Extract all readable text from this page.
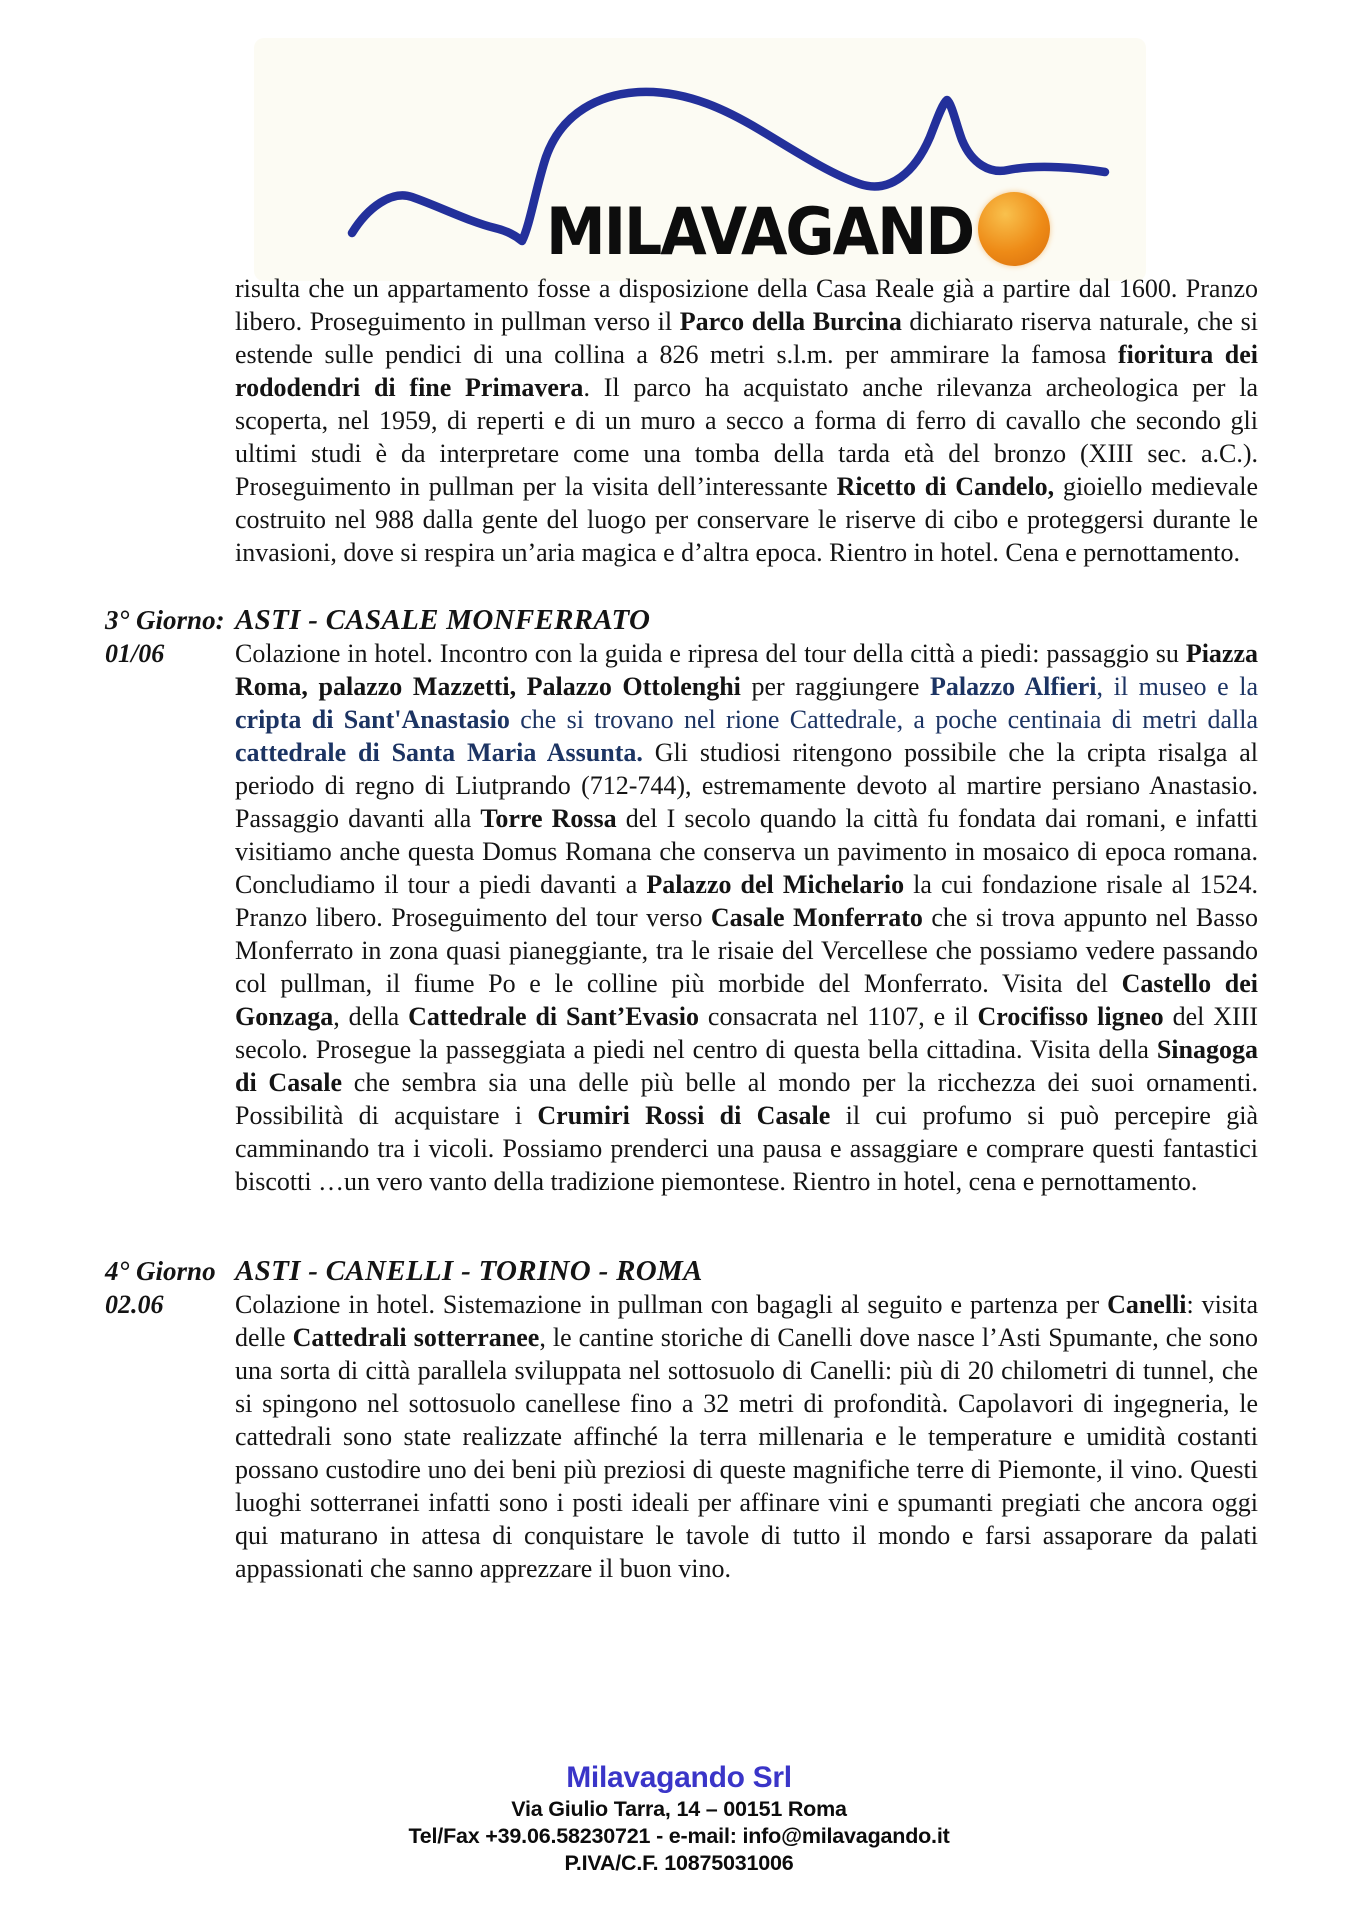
MILAVAGAND

risulta che un appartamento fosse a disposizione della Casa Reale già a partire dal 1600. Pranzo libero. Proseguimento in pullman verso il Parco della Burcina dichiarato riserva naturale, che si estende sulle pendici di una collina a 826 metri s.l.m. per ammirare la famosa fioritura dei rododendri di fine Primavera. Il parco ha acquistato anche rilevanza archeologica per la scoperta, nel 1959, di reperti e di un muro a secco a forma di ferro di cavallo che secondo gli ultimi studi è da interpretare come una tomba della tarda età del bronzo (XIII sec. a.C.). Proseguimento in pullman per la visita dell’interessante Ricetto di Candelo, gioiello medievale costruito nel 988 dalla gente del luogo per conservare le riserve di cibo e proteggersi durante le invasioni, dove si respira un’aria magica e d’altra epoca. Rientro in hotel. Cena e pernottamento.

3° Giorno: ASTI - CASALE MONFERRATO
01/06	Colazione in hotel. Incontro con la guida e ripresa del tour della città a piedi: passaggio su Piazza Roma, palazzo Mazzetti, Palazzo Ottolenghi per raggiungere Palazzo Alfieri, il museo e la cripta di Sant'Anastasio che si trovano nel rione Cattedrale, a poche centinaia di metri dalla cattedrale di Santa Maria Assunta. Gli studiosi ritengono possibile che la cripta risalga al periodo di regno di Liutprando (712-744), estremamente devoto al martire persiano Anastasio. Passaggio davanti alla Torre Rossa del I secolo quando la città fu fondata dai romani, e infatti visitiamo anche questa Domus Romana che conserva un pavimento in mosaico di epoca romana. Concludiamo il tour a piedi davanti a Palazzo del Michelario la cui fondazione risale al 1524. Pranzo libero. Proseguimento del tour verso Casale Monferrato che si trova appunto nel Basso Monferrato in zona quasi pianeggiante, tra le risaie del Vercellese che possiamo vedere passando col pullman, il fiume Po e le colline più morbide del Monferrato. Visita del Castello dei Gonzaga, della Cattedrale di Sant’Evasio consacrata nel 1107, e il Crocifisso ligneo del XIII secolo. Prosegue la passeggiata a piedi nel centro di questa bella cittadina. Visita della Sinagoga di Casale che sembra sia una delle più belle al mondo per la ricchezza dei suoi ornamenti. Possibilità di acquistare i Crumiri Rossi di Casale il cui profumo si può percepire già camminando tra i vicoli. Possiamo prenderci una pausa e assaggiare e comprare questi fantastici biscotti …un vero vanto della tradizione piemontese. Rientro in hotel, cena e pernottamento.

4° Giorno ASTI - CANELLI - TORINO - ROMA
02.06	Colazione in hotel. Sistemazione in pullman con bagagli al seguito e partenza per Canelli: visita delle Cattedrali sotterranee, le cantine storiche di Canelli dove nasce l’Asti Spumante, che sono una sorta di città parallela sviluppata nel sottosuolo di Canelli: più di 20 chilometri di tunnel, che si spingono nel sottosuolo canellese fino a 32 metri di profondità. Capolavori di ingegneria, le cattedrali sono state realizzate affinché la terra millenaria e le temperature e umidità costanti possano custodire uno dei beni più preziosi di queste magnifiche terre di Piemonte, il vino. Questi luoghi sotterranei infatti sono i posti ideali per affinare vini e spumanti pregiati che ancora oggi qui maturano in attesa di conquistare le tavole di tutto il mondo e farsi assaporare da palati appassionati che sanno apprezzare il buon vino.

Milavagando Srl
Via Giulio Tarra, 14 – 00151 Roma
Tel/Fax +39.06.58230721 - e-mail: info@milavagando.it
P.IVA/C.F. 10875031006
